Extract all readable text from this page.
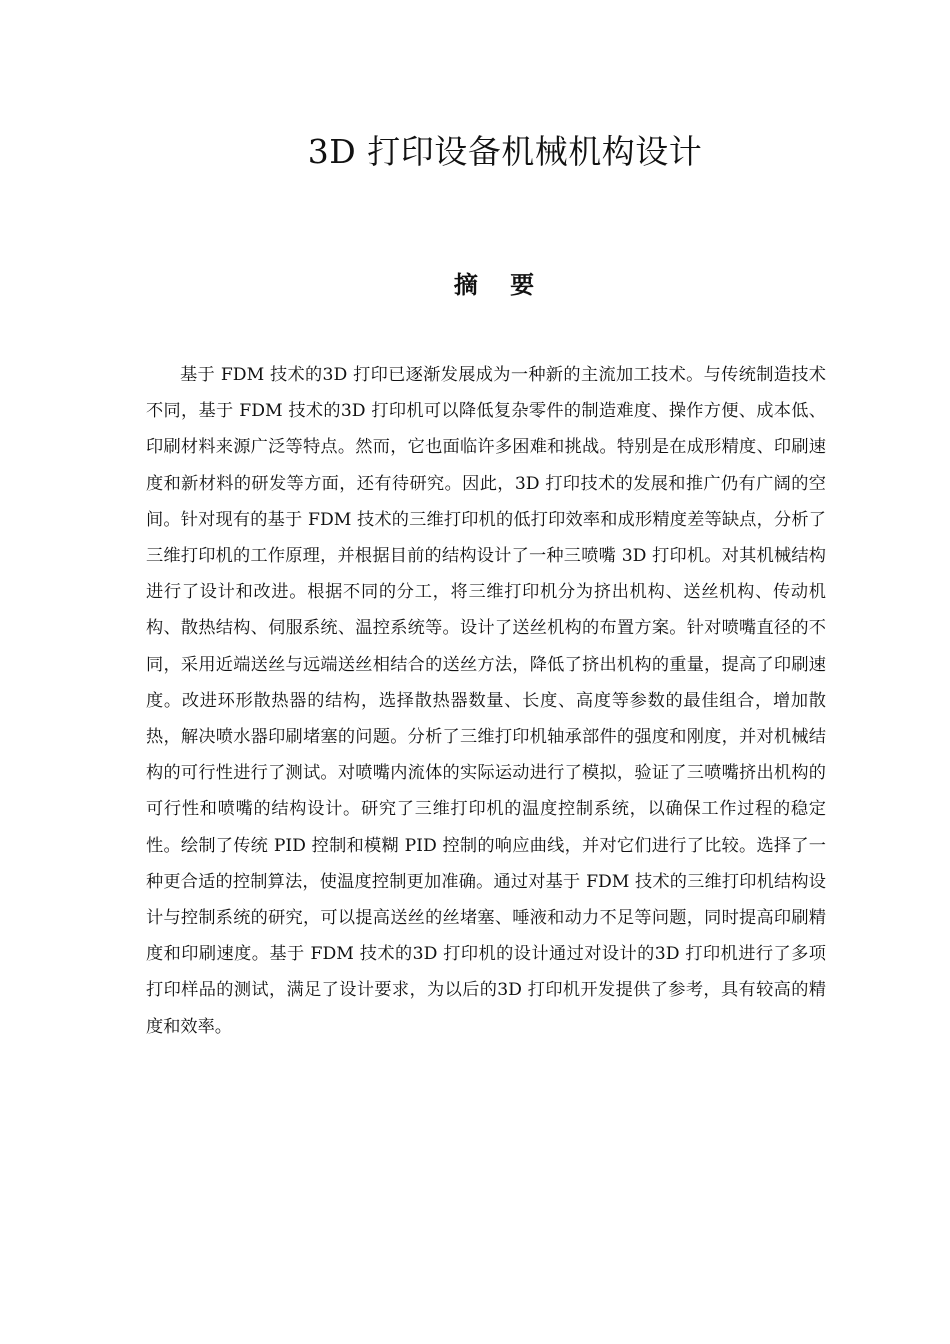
3D 打印设备机械机构设计
摘 要

基于 FDM 技术的3D 打印已逐渐发展成为一种新的主流加工技术。与传统制造技术不同，基于 FDM 技术的3D 打印机可以降低复杂零件的制造难度、操作方便、成本低、印刷材料来源广泛等特点。然而，它也面临许多困难和挑战。特别是在成形精度、印刷速度和新材料的研发等方面，还有待研究。因此，3D 打印技术的发展和推广仍有广阔的空间。针对现有的基于 FDM 技术的三维打印机的低打印效率和成形精度差等缺点，分析了三维打印机的工作原理，并根据目前的结构设计了一种三喷嘴 3D 打印机。对其机械结构进行了设计和改进。根据不同的分工，将三维打印机分为挤出机构、送丝机构、传动机构、散热结构、伺服系统、温控系统等。设计了送丝机构的布置方案。针对喷嘴直径的不同，采用近端送丝与远端送丝相结合的送丝方法，降低了挤出机构的重量，提高了印刷速度。改进环形散热器的结构，选择散热器数量、长度、高度等参数的最佳组合，增加散热，解决喷水器印刷堵塞的问题。分析了三维打印机轴承部件的强度和刚度，并对机械结构的可行性进行了测试。对喷嘴内流体的实际运动进行了模拟，验证了三喷嘴挤出机构的可行性和喷嘴的结构设计。研究了三维打印机的温度控制系统，以确保工作过程的稳定性。绘制了传统 PID 控制和模糊 PID 控制的响应曲线，并对它们进行了比较。选择了一种更合适的控制算法，使温度控制更加准确。通过对基于 FDM 技术的三维打印机结构设计与控制系统的研究，可以提高送丝的丝堵塞、唾液和动力不足等问题，同时提高印刷精度和印刷速度。基于 FDM 技术的3D 打印机的设计通过对设计的3D 打印机进行了多项打印样品的测试，满足了设计要求，为以后的3D 打印机开发提供了参考，具有较高的精度和效率。
